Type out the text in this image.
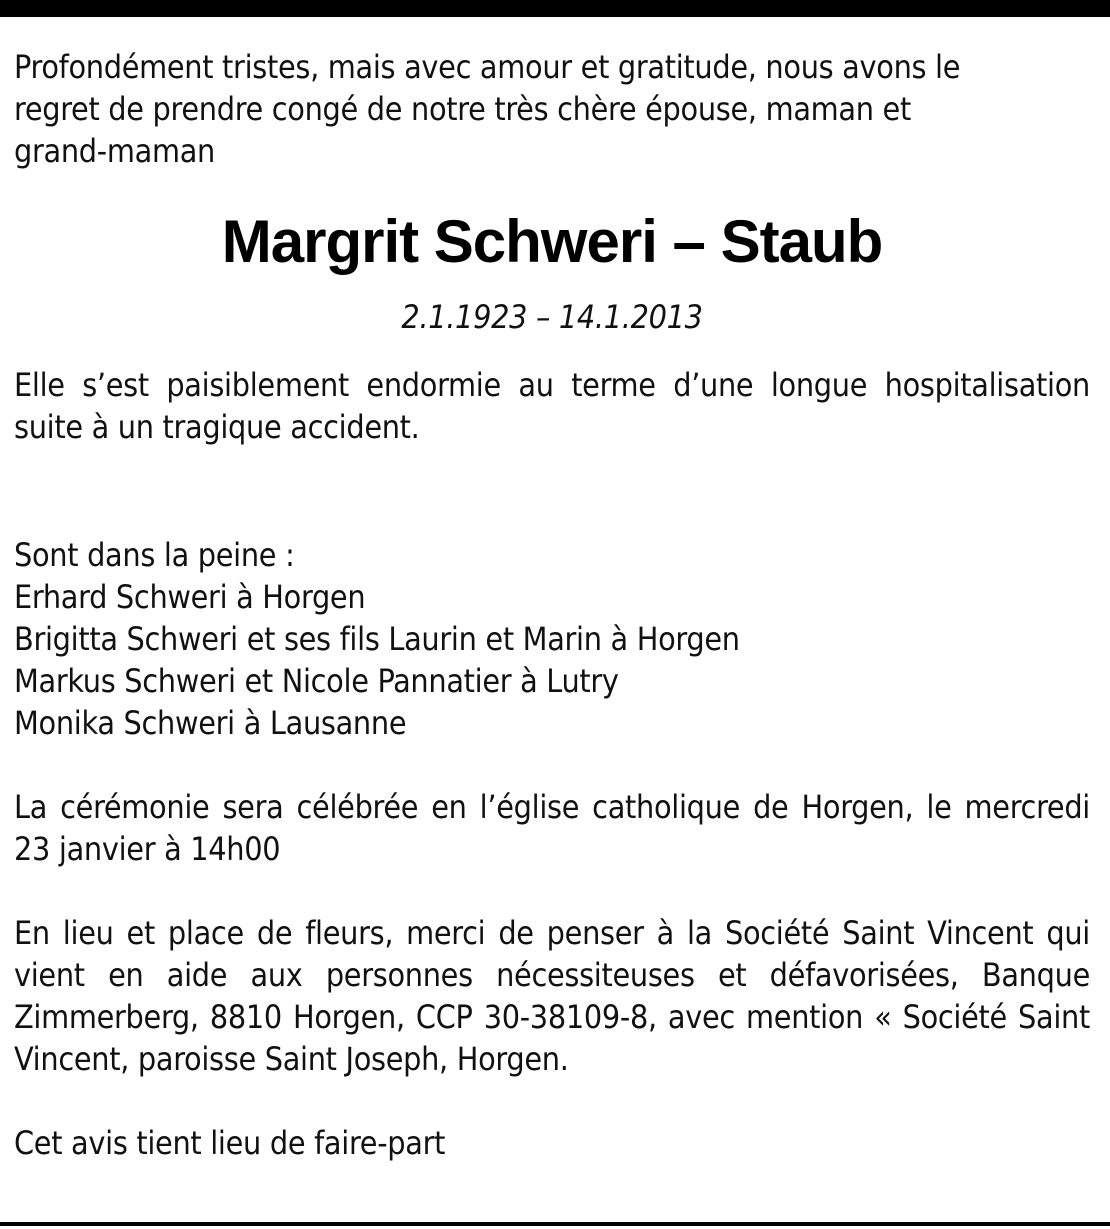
Profondément tristes, mais avec amour et gratitude, nous avons le regret de prendre congé de notre très chère épouse, maman et grand-maman

Margrit Schweri – Staub

2.1.1923 – 14.1.2013

Elle s’est paisiblement endormie au terme d’une longue hospitalisation suite à un tragique accident.

Sont dans la peine :

Erhard Schweri à Horgen

Brigitta Schweri et ses fils Laurin et Marin à Horgen

Markus Schweri et Nicole Pannatier à Lutry

Monika Schweri à Lausanne

La cérémonie sera célébrée en l’église catholique de Horgen, le mercredi 23 janvier à 14h00

En lieu et place de fleurs, merci de penser à la Société Saint Vincent qui vient en aide aux personnes nécessiteuses et défavorisées, Banque Zimmerberg, 8810 Horgen, CCP 30-38109-8, avec mention « Société Saint Vincent, paroisse Saint Joseph, Horgen.

Cet avis tient lieu de faire-part
